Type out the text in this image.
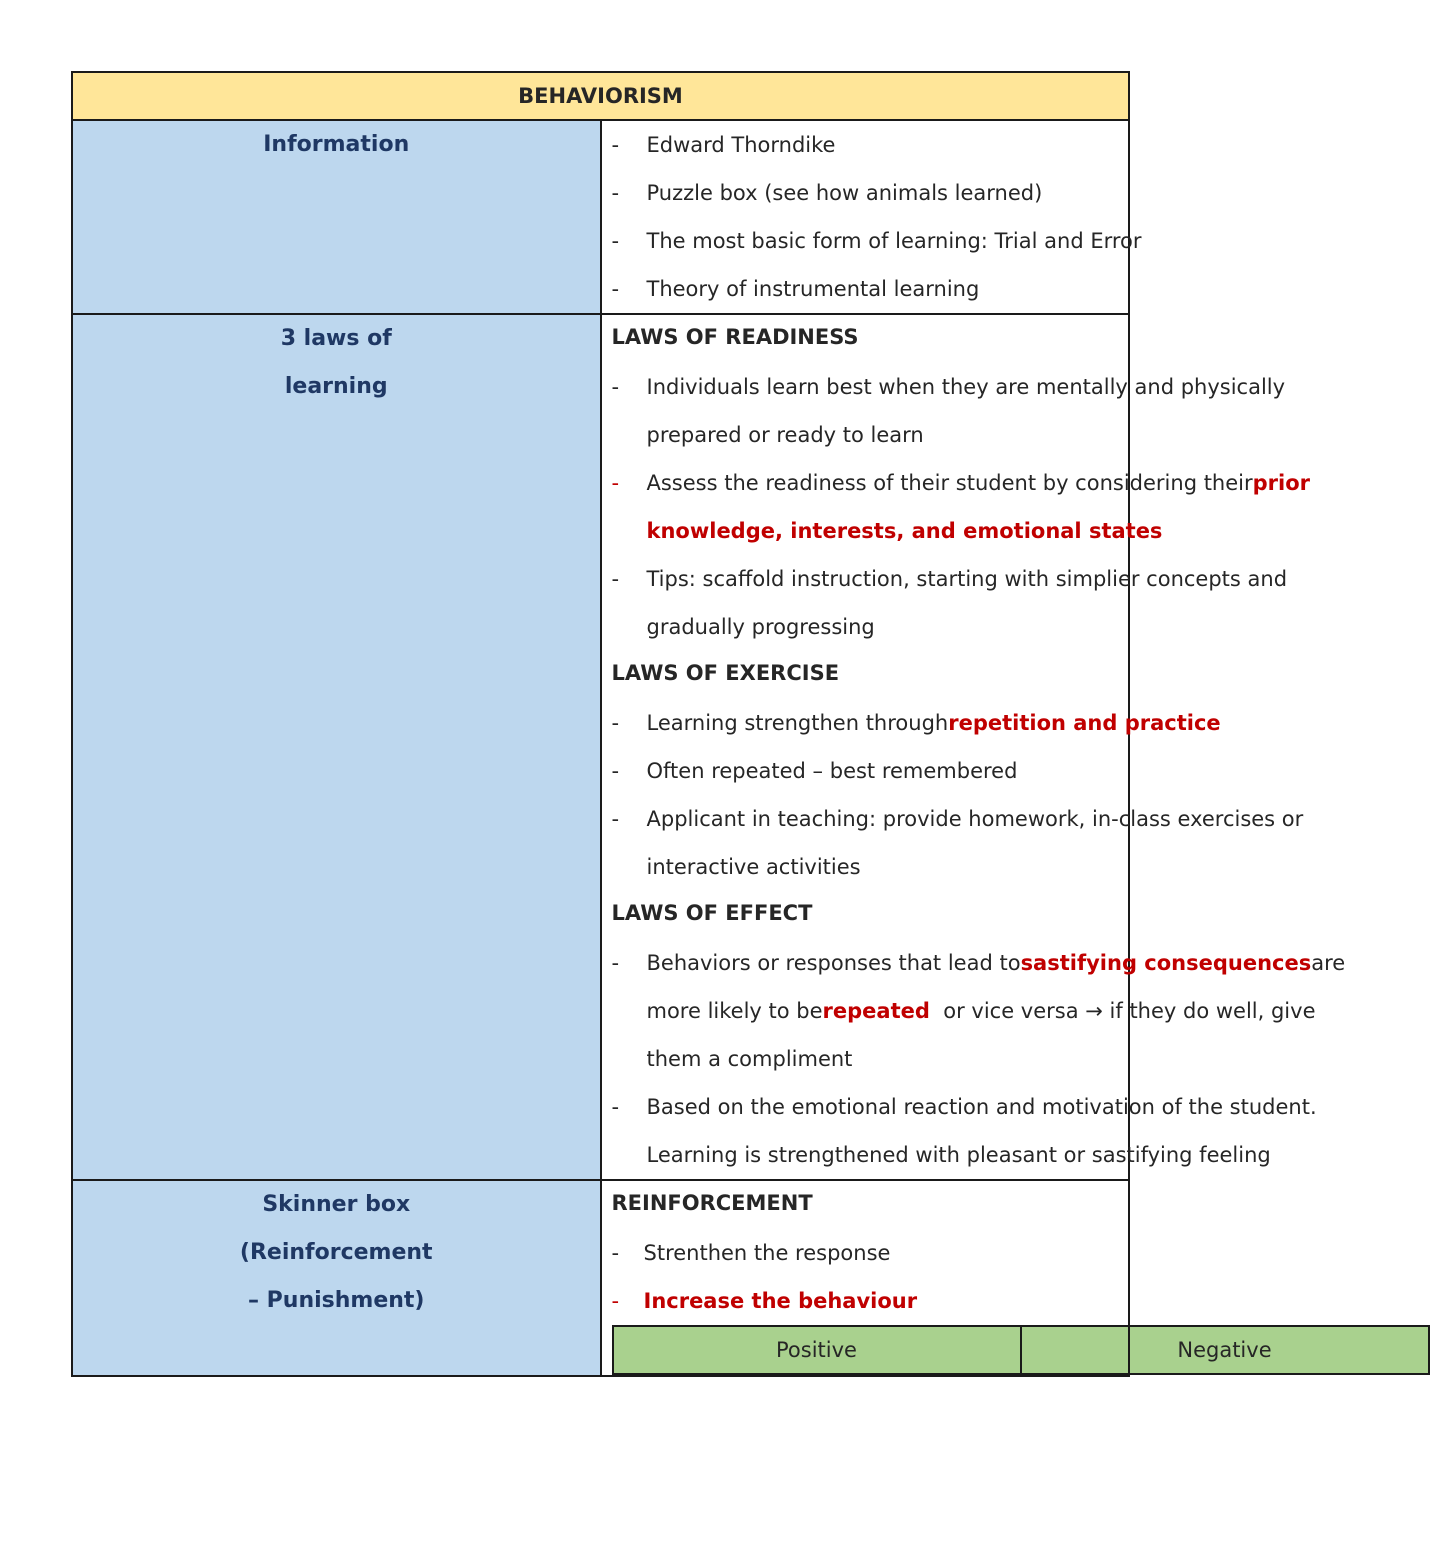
BEHAVIORISM

Information	-	Edward Thorndike
-	Puzzle box (see how animals learned)
-	The most basic form of learning: Trial and Error
-	Theory of instrumental learning

3 laws of
learning

LAWS OF READINESS
-	Individuals learn best when they are mentally and physically
prepared or ready to learn
-	Assess the readiness of their student by considering their prior
knowledge, interests, and emotional states
-	Tips: scaffold instruction, starting with simplier concepts and
gradually progressing
LAWS OF EXERCISE
-	Learning strengthen through repetition and practice
-	Often repeated – best remembered
-	Applicant in teaching: provide homework, in-class exercises or
interactive activities
LAWS OF EFFECT
-	Behaviors or responses that lead to sastifying consequences are
more likely to be repeated or vice versa → if they do well, give
them a compliment
-	Based on the emotional reaction and motivation of the student.
Learning is strengthened with pleasant or sastifying feeling

Skinner box
(Reinforcement
– Punishment)

REINFORCEMENT
-	Strenthen the response
-	Increase the behaviour
Positive	Negative
